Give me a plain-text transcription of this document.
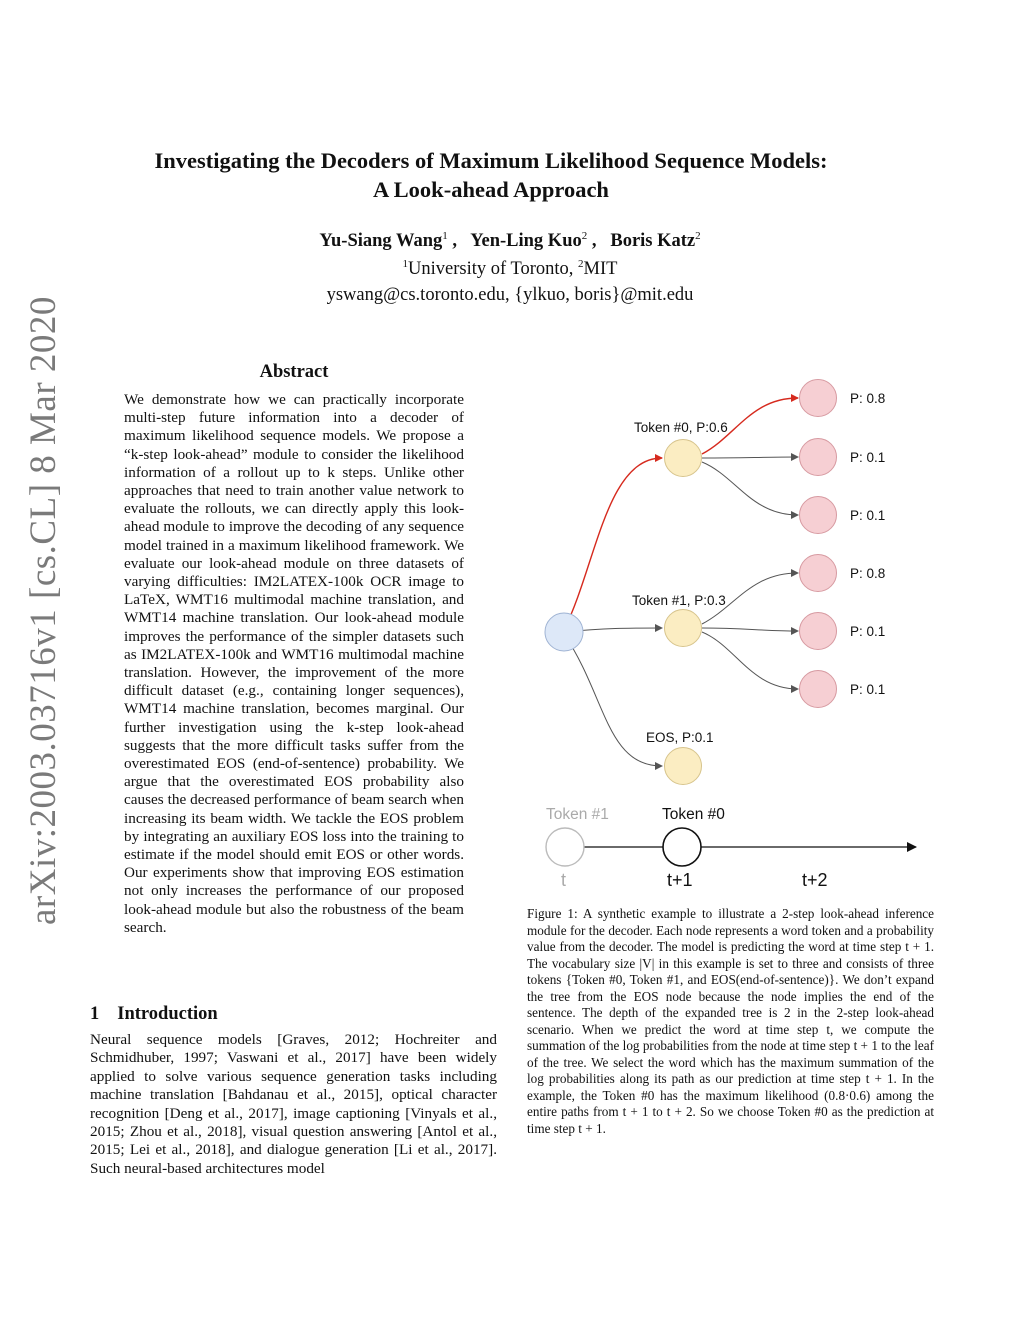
arXiv:2003.03716v1 [cs.CL] 8 Mar 2020
Investigating the Decoders of Maximum Likelihood Sequence Models:
A Look-ahead Approach
Yu-Siang Wang$^1$ ,   Yen-Ling Kuo$^2$ ,   Boris Katz$^2$
$^1$University of Toronto, $^2$MIT
yswang@cs.toronto.edu, {ylkuo, boris}@mit.edu
Abstract
We demonstrate how we can practically incorporate multi-step future information into a decoder of maximum likelihood sequence models. We propose a “k-step look-ahead” module to consider the likelihood information of a rollout up to k steps. Unlike other approaches that need to train another value network to evaluate the rollouts, we can directly apply this look-ahead module to improve the decoding of any sequence model trained in a maximum likelihood framework. We evaluate our look-ahead module on three datasets of varying difficulties: IM2LATEX-100k OCR image to LaTeX, WMT16 multimodal machine translation, and WMT14 machine translation. Our look-ahead module improves the performance of the simpler datasets such as IM2LATEX-100k and WMT16 multimodal machine translation. However, the improvement of the more difficult dataset (e.g., containing longer sequences), WMT14 machine translation, becomes marginal. Our further investigation using the k-step look-ahead suggests that the more difficult tasks suffer from the overestimated EOS (end-of-sentence) probability. We argue that the overestimated EOS probability also causes the decreased performance of beam search when increasing its beam width. We tackle the EOS problem by integrating an auxiliary EOS loss into the training to estimate if the model should emit EOS or other words. Our experiments show that improving EOS estimation not only increases the performance of our proposed look-ahead module but also the robustness of the beam search.
1 Introduction
Neural sequence models [Graves, 2012; Hochreiter and Schmidhuber, 1997; Vaswani et al., 2017] have been widely applied to solve various sequence generation tasks including machine translation [Bahdanau et al., 2015], optical character recognition [Deng et al., 2017], image captioning [Vinyals et al., 2015; Zhou et al., 2018], visual question answering [Antol et al., 2015; Lei et al., 2018], and dialogue generation [Li et al., 2017]. Such neural-based architectures model
Token #0, P:0.6
Token #1, P:0.3
EOS, P:0.1
P: 0.8
P: 0.1
P: 0.1
P: 0.8
P: 0.1
P: 0.1
Token #1	Token #0
t	t+1	t+2
Figure 1: A synthetic example to illustrate a 2-step look-ahead inference module for the decoder. Each node represents a word token and a probability value from the decoder. The model is predicting the word at time step t + 1. The vocabulary size |V| in this example is set to three and consists of three tokens {Token #0, Token #1, and EOS(end-of-sentence)}. We don’t expand the tree from the EOS node because the node implies the end of the sentence. The depth of the expanded tree is 2 in the 2-step look-ahead scenario. When we predict the word at time step t, we compute the summation of the log probabilities from the node at time step t + 1 to the leaf of the tree. We select the word which has the maximum summation of the log probabilities along its path as our prediction at time step t + 1. In the example, the Token #0 has the maximum likelihood (0.8·0.6) among the entire paths from t + 1 to t + 2. So we choose Token #0 as the prediction at time step t + 1.
